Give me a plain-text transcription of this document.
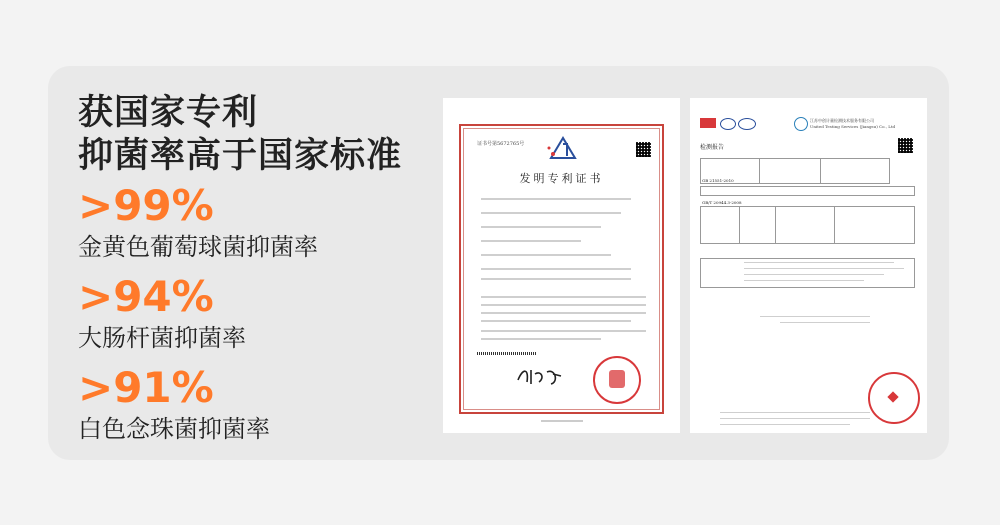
获国家专利
抑菌率高于国家标准
>99%
金黄色葡萄球菌抑菌率
>94%
大肠杆菌抑菌率
>91%
白色念珠菌抑菌率
证书号第5672765号
发明专利证书
江苏中创计量检测技术服务有限公司
United Testing Services (Jiangsu) Co., Ltd
检测报告
GB 21551-2010
GB/T 20944.3-2008
